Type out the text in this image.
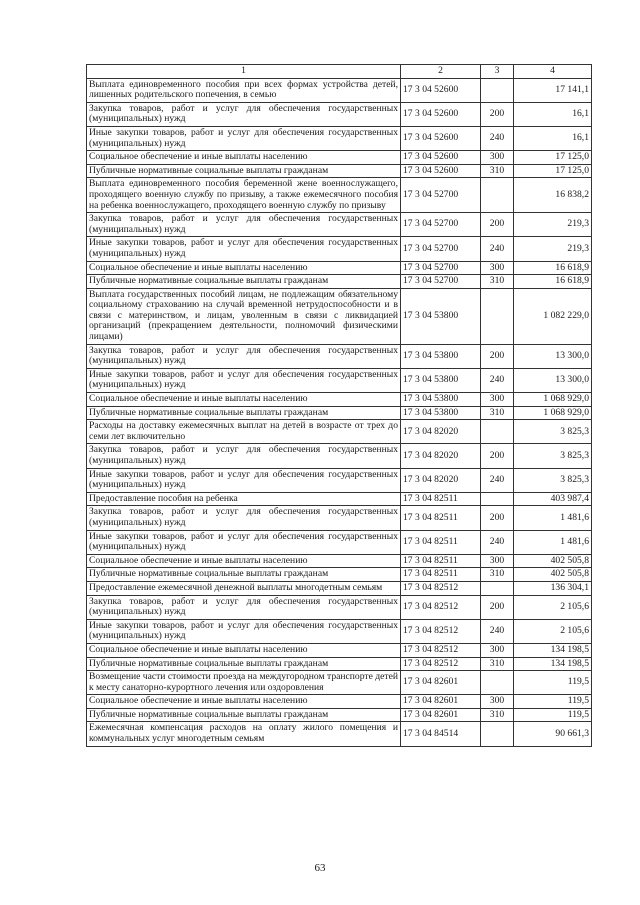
1	2	3	4
Выплата единовременного пособия при всех формах устройства детей, лишенных родительского попечения, в семью	17 3 04 52600		17 141,1
Закупка товаров, работ и услуг для обеспечения государственных (муниципальных) нужд	17 3 04 52600	200	16,1
Иные закупки товаров, работ и услуг для обеспечения государственных (муниципальных) нужд	17 3 04 52600	240	16,1
Социальное обеспечение и иные выплаты населению	17 3 04 52600	300	17 125,0
Публичные нормативные социальные выплаты гражданам	17 3 04 52600	310	17 125,0
Выплата единовременного пособия беременной жене военнослужащего, проходящего военную службу по призыву, а также ежемесячного пособия на ребенка военнослужащего, проходящего военную службу по призыву	17 3 04 52700		16 838,2
Закупка товаров, работ и услуг для обеспечения государственных (муниципальных) нужд	17 3 04 52700	200	219,3
Иные закупки товаров, работ и услуг для обеспечения государственных (муниципальных) нужд	17 3 04 52700	240	219,3
Социальное обеспечение и иные выплаты населению	17 3 04 52700	300	16 618,9
Публичные нормативные социальные выплаты гражданам	17 3 04 52700	310	16 618,9
Выплата государственных пособий лицам, не подлежащим обязательному социальному страхованию на случай временной нетрудоспособности и в связи с материнством, и лицам, уволенным в связи с ликвидацией организаций (прекращением деятельности, полномочий физическими лицами)	17 3 04 53800		1 082 229,0
Закупка товаров, работ и услуг для обеспечения государственных (муниципальных) нужд	17 3 04 53800	200	13 300,0
Иные закупки товаров, работ и услуг для обеспечения государственных (муниципальных) нужд	17 3 04 53800	240	13 300,0
Социальное обеспечение и иные выплаты населению	17 3 04 53800	300	1 068 929,0
Публичные нормативные социальные выплаты гражданам	17 3 04 53800	310	1 068 929,0
Расходы на доставку ежемесячных выплат на детей в возрасте от трех до семи лет включительно	17 3 04 82020		3 825,3
Закупка товаров, работ и услуг для обеспечения государственных (муниципальных) нужд	17 3 04 82020	200	3 825,3
Иные закупки товаров, работ и услуг для обеспечения государственных (муниципальных) нужд	17 3 04 82020	240	3 825,3
Предоставление пособия на ребенка	17 3 04 82511		403 987,4
Закупка товаров, работ и услуг для обеспечения государственных (муниципальных) нужд	17 3 04 82511	200	1 481,6
Иные закупки товаров, работ и услуг для обеспечения государственных (муниципальных) нужд	17 3 04 82511	240	1 481,6
Социальное обеспечение и иные выплаты населению	17 3 04 82511	300	402 505,8
Публичные нормативные социальные выплаты гражданам	17 3 04 82511	310	402 505,8
Предоставление ежемесячной денежной выплаты многодетным семьям	17 3 04 82512		136 304,1
Закупка товаров, работ и услуг для обеспечения государственных (муниципальных) нужд	17 3 04 82512	200	2 105,6
Иные закупки товаров, работ и услуг для обеспечения государственных (муниципальных) нужд	17 3 04 82512	240	2 105,6
Социальное обеспечение и иные выплаты населению	17 3 04 82512	300	134 198,5
Публичные нормативные социальные выплаты гражданам	17 3 04 82512	310	134 198,5
Возмещение части стоимости проезда на междугородном транспорте детей к месту санаторно-курортного лечения или оздоровления	17 3 04 82601		119,5
Социальное обеспечение и иные выплаты населению	17 3 04 82601	300	119,5
Публичные нормативные социальные выплаты гражданам	17 3 04 82601	310	119,5
Ежемесячная компенсация расходов на оплату жилого помещения и коммунальных услуг многодетным семьям	17 3 04 84514		90 661,3
63
